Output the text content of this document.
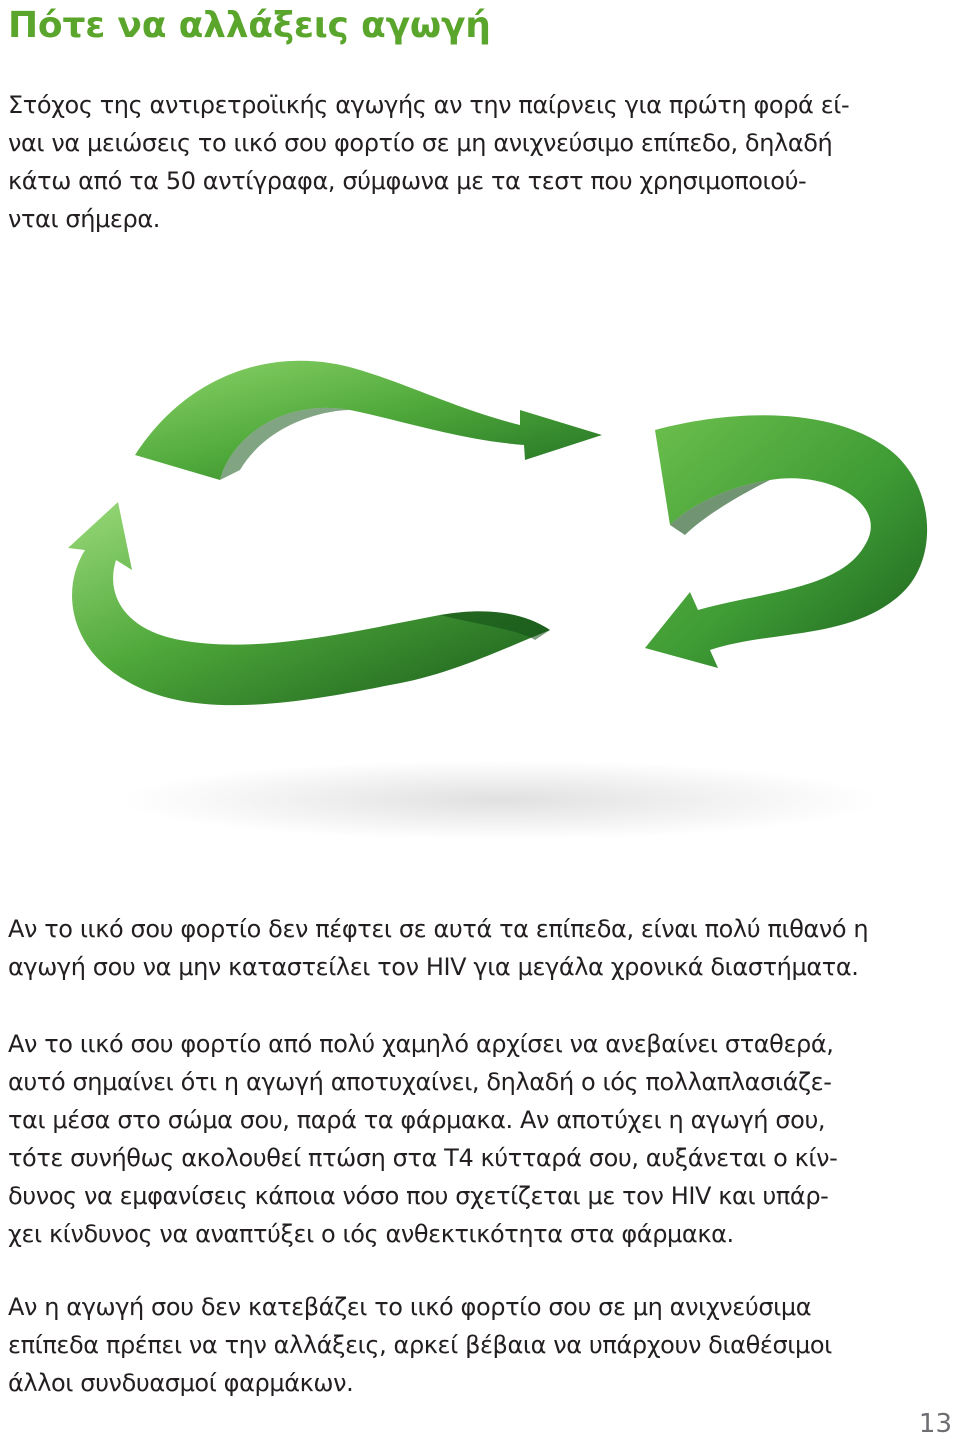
Πότε να αλλάξεις αγωγή

Στόχος της αντιρετροϊικής αγωγής αν την παίρνεις για πρώτη φορά εί-
ναι να μειώσεις το ιικό σου φορτίο σε μη ανιχνεύσιμο επίπεδο, δηλαδή
κάτω από τα 50 αντίγραφα, σύμφωνα με τα τεστ που χρησιμοποιού-
νται σήμερα.

Αν το ιικό σου φορτίο δεν πέφτει σε αυτά τα επίπεδα, είναι πολύ πιθανό η
αγωγή σου να μην καταστείλει τον HIV για μεγάλα χρονικά διαστήματα.

Αν το ιικό σου φορτίο από πολύ χαμηλό αρχίσει να ανεβαίνει σταθερά,
αυτό σημαίνει ότι η αγωγή αποτυχαίνει, δηλαδή ο ιός πολλαπλασιάζε-
ται μέσα στο σώμα σου, παρά τα φάρμακα. Αν αποτύχει η αγωγή σου,
τότε συνήθως ακολουθεί πτώση στα T4 κύτταρά σου, αυξάνεται ο κίν-
δυνος να εμφανίσεις κάποια νόσο που σχετίζεται με τον HIV και υπάρ-
χει κίνδυνος να αναπτύξει ο ιός ανθεκτικότητα στα φάρμακα.

Αν η αγωγή σου δεν κατεβάζει το ιικό φορτίο σου σε μη ανιχνεύσιμα
επίπεδα πρέπει να την αλλάξεις, αρκεί βέβαια να υπάρχουν διαθέσιμοι
άλλοι συνδυασμοί φαρμάκων.

13
